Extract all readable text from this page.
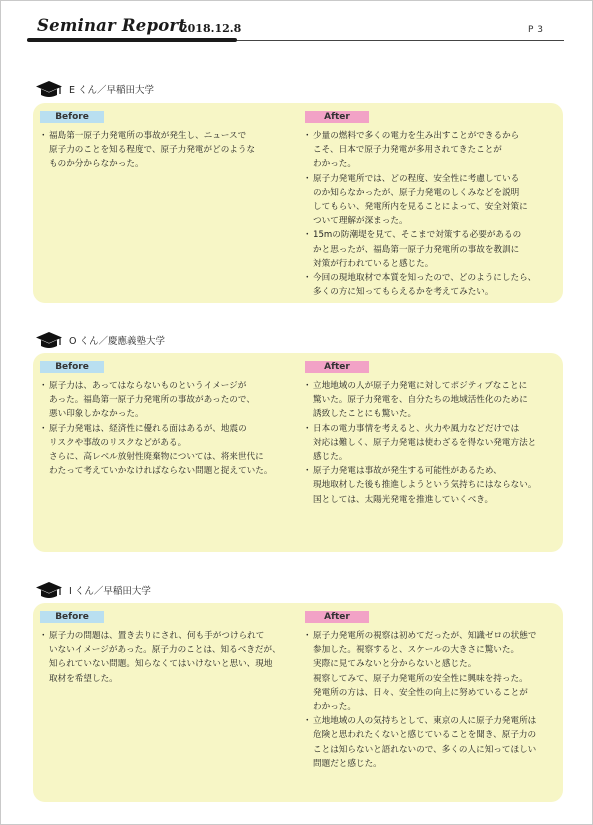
Seminar Report
2018.12.8	P 3
E くん／早稲田大学
Before	After
・ 福島第一原子力発電所の事故が発生し、ニュースで
原子力のことを知る程度で、原子力発電がどのような
ものか分からなかった。
・ 少量の燃料で多くの電力を生み出すことができるから
こそ、日本で原子力発電が多用されてきたことが
わかった。
・ 原子力発電所では、どの程度、安全性に考慮している
のか知らなかったが、原子力発電のしくみなどを説明
してもらい、発電所内を見ることによって、安全対策に
ついて理解が深まった。
・ 15mの防潮堤を見て、そこまで対策する必要があるの
かと思ったが、福島第一原子力発電所の事故を教訓に
対策が行われていると感じた。
・ 今回の現地取材で本質を知ったので、どのようにしたら、
多くの方に知ってもらえるかを考えてみたい。
O くん／慶應義塾大学
Before	After
・ 原子力は、あってはならないものというイメージが
あった。福島第一原子力発電所の事故があったので、
悪い印象しかなかった。
・ 原子力発電は、経済性に優れる面はあるが、地震の
リスクや事故のリスクなどがある。
さらに、高レベル放射性廃棄物については、将来世代に
わたって考えていかなければならない問題と捉えていた。
・ 立地地域の人が原子力発電に対してポジティブなことに
驚いた。原子力発電を、自分たちの地域活性化のために
誘致したことにも驚いた。
・ 日本の電力事情を考えると、火力や風力などだけでは
対応は難しく、原子力発電は使わざるを得ない発電方法と
感じた。
・ 原子力発電は事故が発生する可能性があるため、
現地取材した後も推進しようという気持ちにはならない。
国としては、太陽光発電を推進していくべき。
I くん／早稲田大学
Before	After
・ 原子力の問題は、置き去りにされ、何も手がつけられて
いないイメージがあった。原子力のことは、知るべきだが、
知られていない問題。知らなくてはいけないと思い、現地
取材を希望した。
・ 原子力発電所の視察は初めてだったが、知識ゼロの状態で
参加した。視察すると、スケールの大きさに驚いた。
実際に見てみないと分からないと感じた。
視察してみて、原子力発電所の安全性に興味を持った。
発電所の方は、日々、安全性の向上に努めていることが
わかった。
・ 立地地域の人の気持ちとして、東京の人に原子力発電所は
危険と思われたくないと感じていることを聞き、原子力の
ことは知らないと語れないので、多くの人に知ってほしい
問題だと感じた。
